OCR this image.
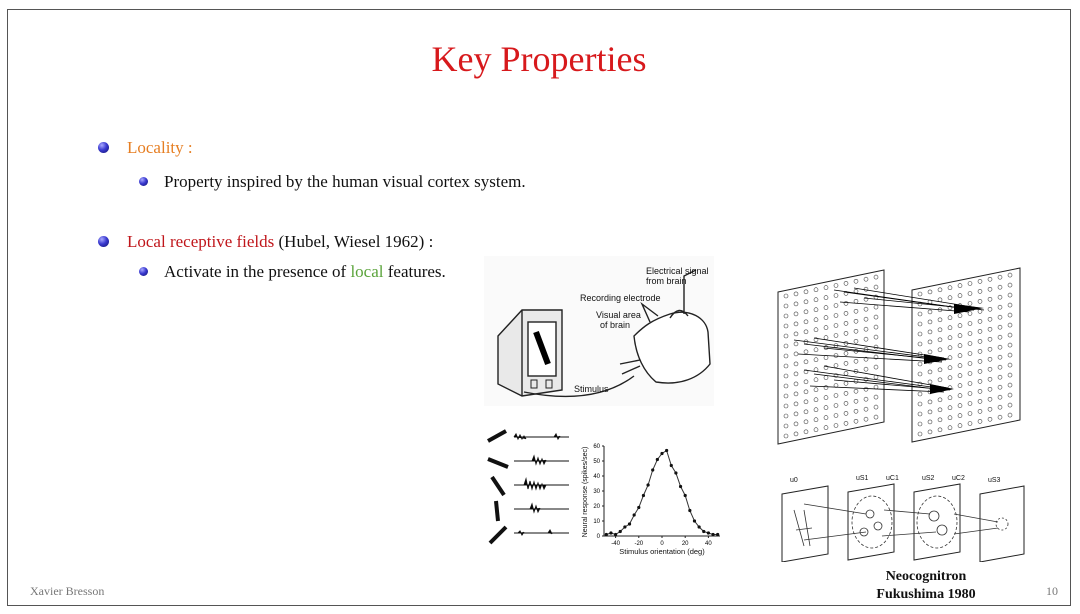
Key Properties
Locality :
Property inspired by the human visual cortex system.
Local receptive fields (Hubel, Wiesel 1962) :
Activate in the presence of local features.	Electrical signal
from brain
Recording electrode
Visual area
of brain
Stimulus
-40 -20	0	20	40
0
10
20
30
40
50
60
Stimulus orientation (deg)
Neural response (spikes/sec)	u0	uS1	uC1	uS2	uC2	uS3
Neocognitron
Fukushima 1980
Xavier Bresson	10
